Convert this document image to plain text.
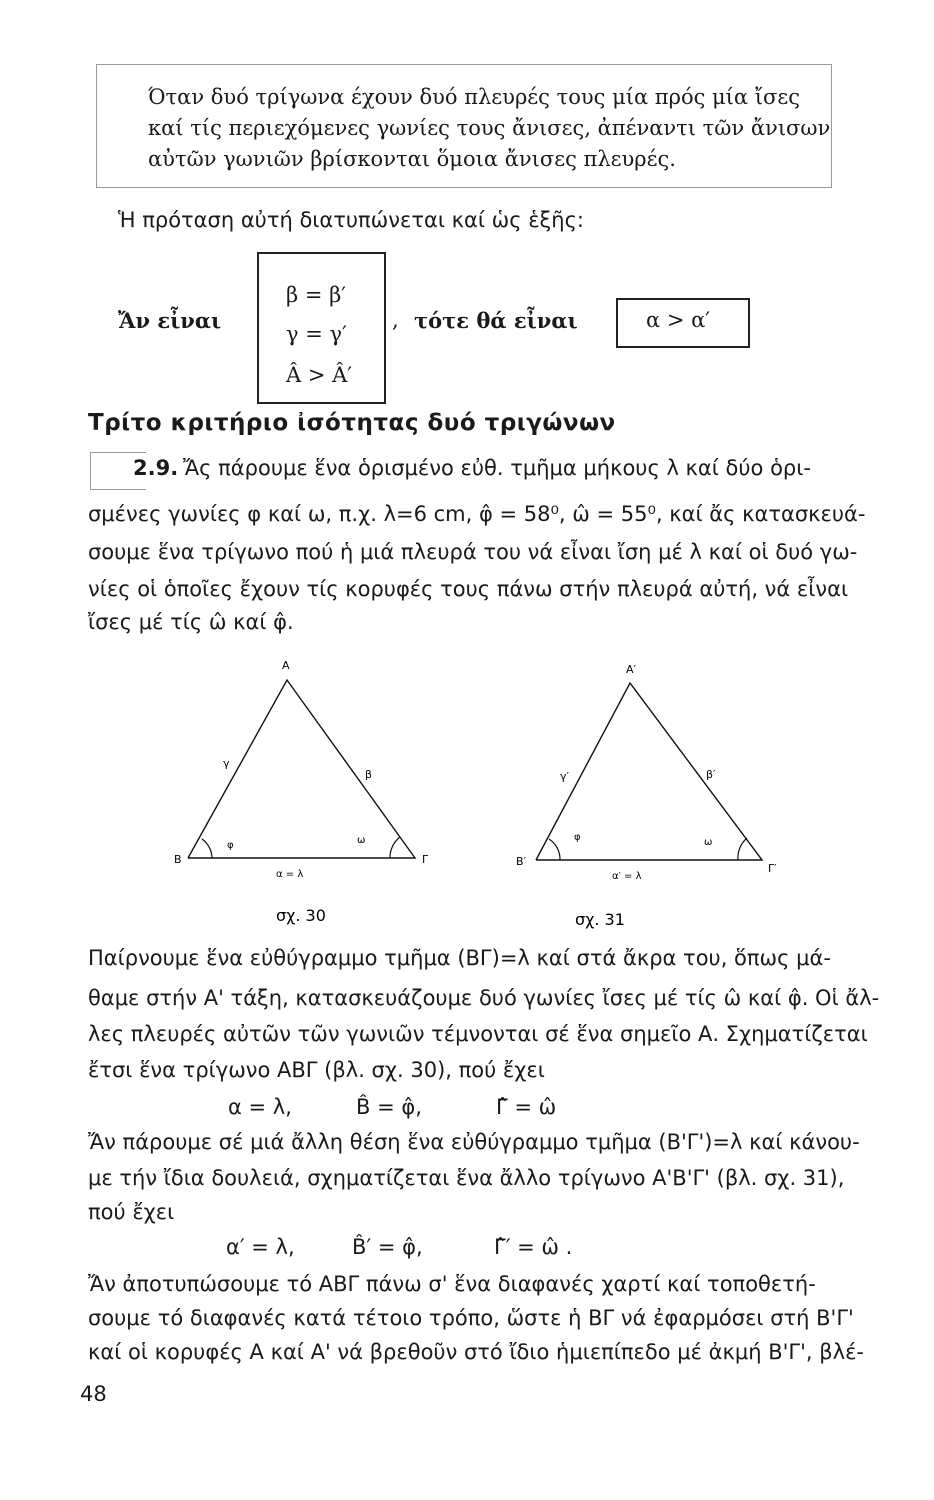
Όταν δυό τρίγωνα έχουν δυό πλευρές τους μία πρός μία ἴσες
καί τίς περιεχόμενες γωνίες τους ἄνισες, ἀπέναντι τῶν ἄνισων
αὐτῶν γωνιῶν βρίσκονται ὅμοια ἄνισες πλευρές.
Ἡ πρόταση αὐτή διατυπώνεται καί ὡς ἑξῆς:
Ἄν εἶναι
β = β′
γ = γ′
Â > Â′
, τότε θά εἶναι	α > α′
Τρίτο κριτήριο ἰσότητας δυό τριγώνων
2.9. Ἄς πάρουμε ἕνα ὁρισμένο εὐθ. τμῆμα μήκους λ καί δύο ὁρι-
σμένες γωνίες φ καί ω, π.χ. λ=6 cm, φ̂ = 58⁰, ω̂ = 55⁰, καί ἄς κατασκευά-
σουμε ἕνα τρίγωνο πού ἡ μιά πλευρά του νά εἶναι ἴση μέ λ καί οἱ δυό γω-
νίες οἱ ὁποῖες ἔχουν τίς κορυφές τους πάνω στήν πλευρά αὐτή, νά εἶναι
ἴσες μέ τίς ω̂ καί φ̂.
A
B	Γ
γ
β
φ	ω
α = λ
A′
B′
Γ′
γ′	β′
φ	ω
α′ = λ
σχ. 30	σχ. 31
Παίρνουμε ἕνα εὐθύγραμμο τμῆμα (ΒΓ)=λ καί στά ἄκρα του, ὅπως μά-
θαμε στήν Α' τάξη, κατασκευάζουμε δυό γωνίες ἴσες μέ τίς ω̂ καί φ̂. Οἱ ἄλ-
λες πλευρές αὐτῶν τῶν γωνιῶν τέμνονται σέ ἕνα σημεῖο Α. Σχηματίζεται
ἔτσι ἕνα τρίγωνο ΑΒΓ (βλ. σχ. 30), πού ἔχει
α = λ,	B̂ = φ̂,	Γ̂ = ω̂
Ἄν πάρουμε σέ μιά ἄλλη θέση ἕνα εὐθύγραμμο τμῆμα (Β'Γ')=λ καί κάνου-
με τήν ἴδια δουλειά, σχηματίζεται ἕνα ἄλλο τρίγωνο Α'Β'Γ' (βλ. σχ. 31),
πού ἔχει
α′ = λ,	B̂′ = φ̂,	Γ̂′ = ω̂ .
Ἄν ἀποτυπώσουμε τό ΑΒΓ πάνω σ' ἕνα διαφανές χαρτί καί τοποθετή-
σουμε τό διαφανές κατά τέτοιο τρόπο, ὥστε ἡ ΒΓ νά ἐφαρμόσει στή Β'Γ'
καί οἱ κορυφές Α καί Α' νά βρεθοῦν στό ἴδιο ἡμιεπίπεδο μέ ἀκμή Β'Γ', βλέ-
48
